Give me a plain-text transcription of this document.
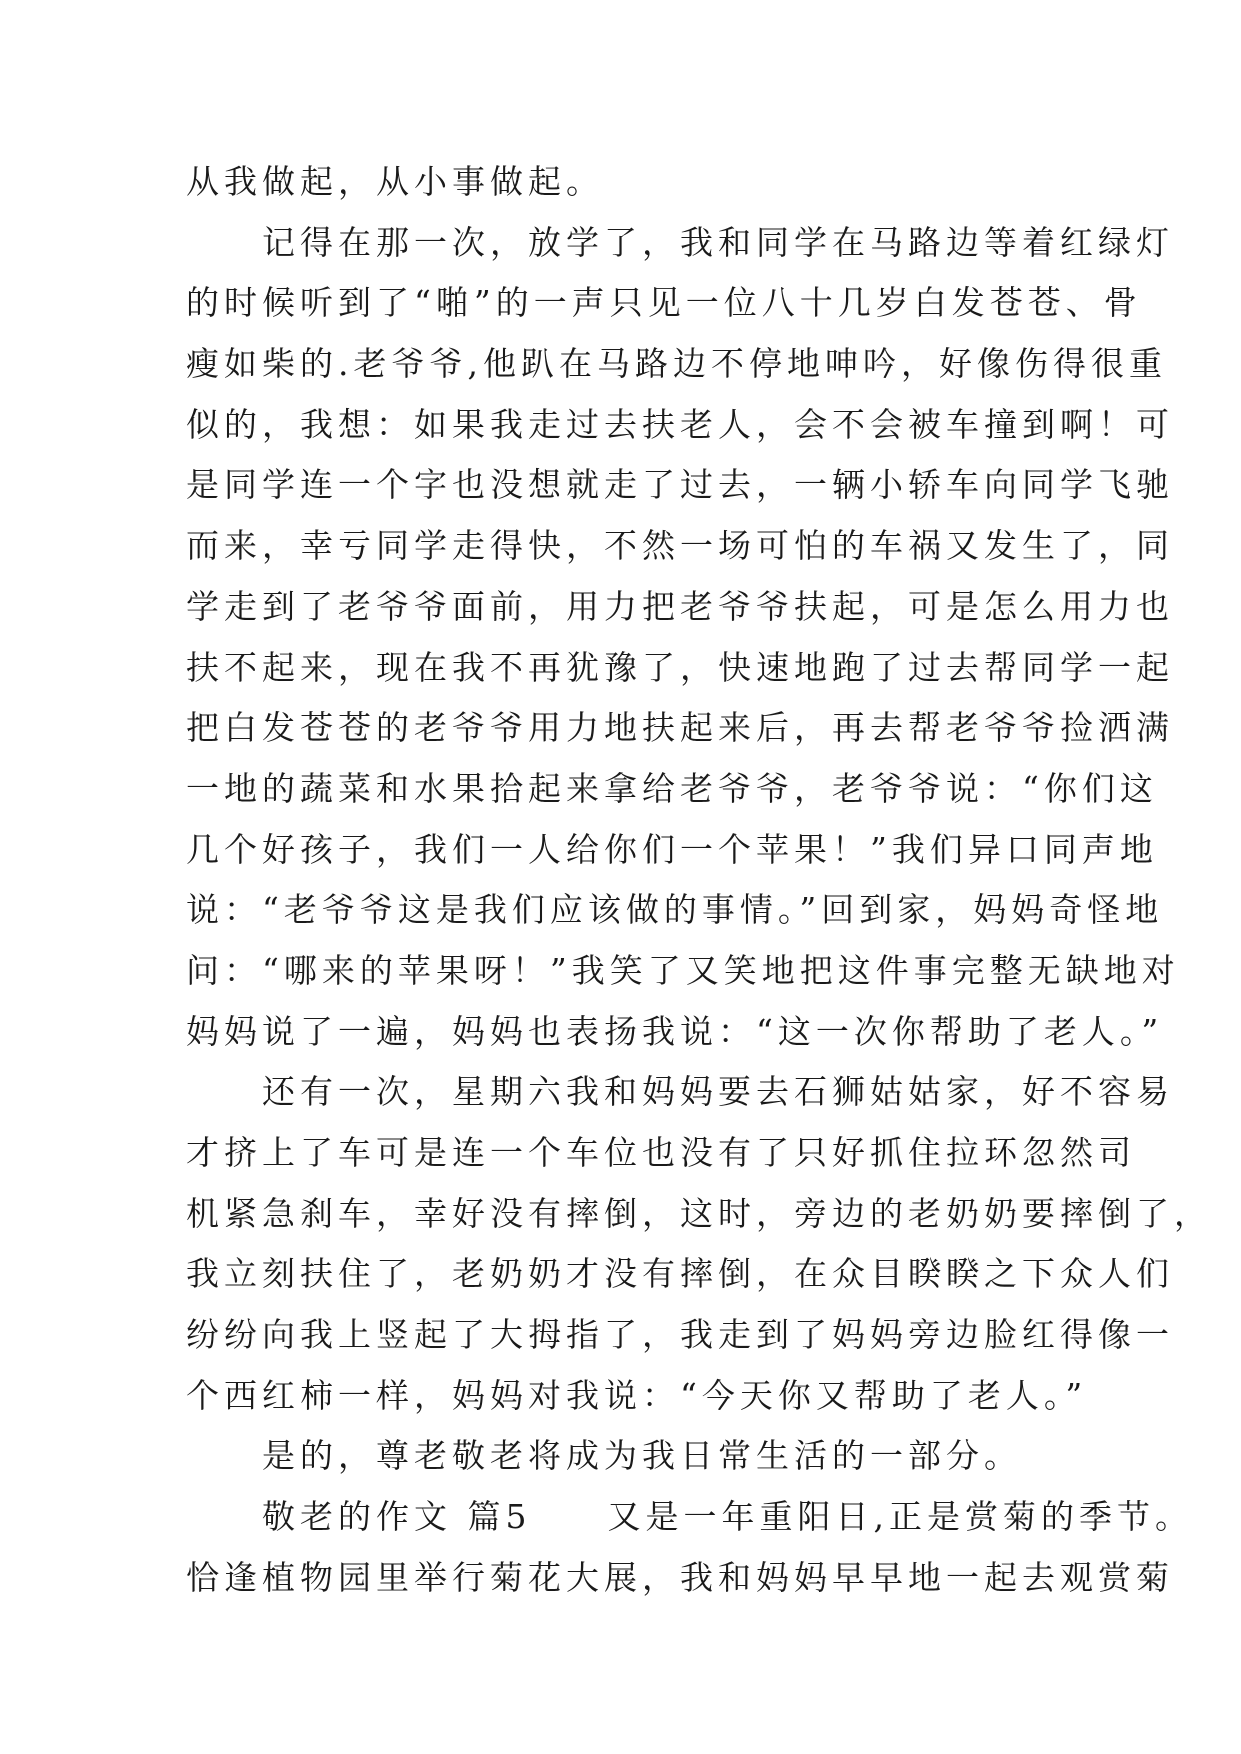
从我做起，从小事做起。
　　记得在那一次，放学了，我和同学在马路边等着红绿灯
的时候听到了“啪”的一声只见一位八十几岁白发苍苍、骨
瘦如柴的.老爷爷,他趴在马路边不停地呻吟，好像伤得很重
似的，我想：如果我走过去扶老人，会不会被车撞到啊！可
是同学连一个字也没想就走了过去，一辆小轿车向同学飞驰
而来，幸亏同学走得快，不然一场可怕的车祸又发生了，同
学走到了老爷爷面前，用力把老爷爷扶起，可是怎么用力也
扶不起来，现在我不再犹豫了，快速地跑了过去帮同学一起
把白发苍苍的老爷爷用力地扶起来后，再去帮老爷爷捡洒满
一地的蔬菜和水果拾起来拿给老爷爷，老爷爷说：“你们这
几个好孩子，我们一人给你们一个苹果！”我们异口同声地
说：“老爷爷这是我们应该做的事情。”回到家，妈妈奇怪地
问：“哪来的苹果呀！”我笑了又笑地把这件事完整无缺地对
妈妈说了一遍，妈妈也表扬我说：“这一次你帮助了老人。”
　　还有一次，星期六我和妈妈要去石狮姑姑家，好不容易
才挤上了车可是连一个车位也没有了只好抓住拉环忽然司
机紧急刹车，幸好没有摔倒，这时，旁边的老奶奶要摔倒了，
我立刻扶住了，老奶奶才没有摔倒，在众目睽睽之下众人们
纷纷向我上竖起了大拇指了，我走到了妈妈旁边脸红得像一
个西红柿一样，妈妈对我说：“今天你又帮助了老人。”
　　是的，尊老敬老将成为我日常生活的一部分。
　　敬老的作文 篇5　　又是一年重阳日,正是赏菊的季节。
恰逢植物园里举行菊花大展，我和妈妈早早地一起去观赏菊
